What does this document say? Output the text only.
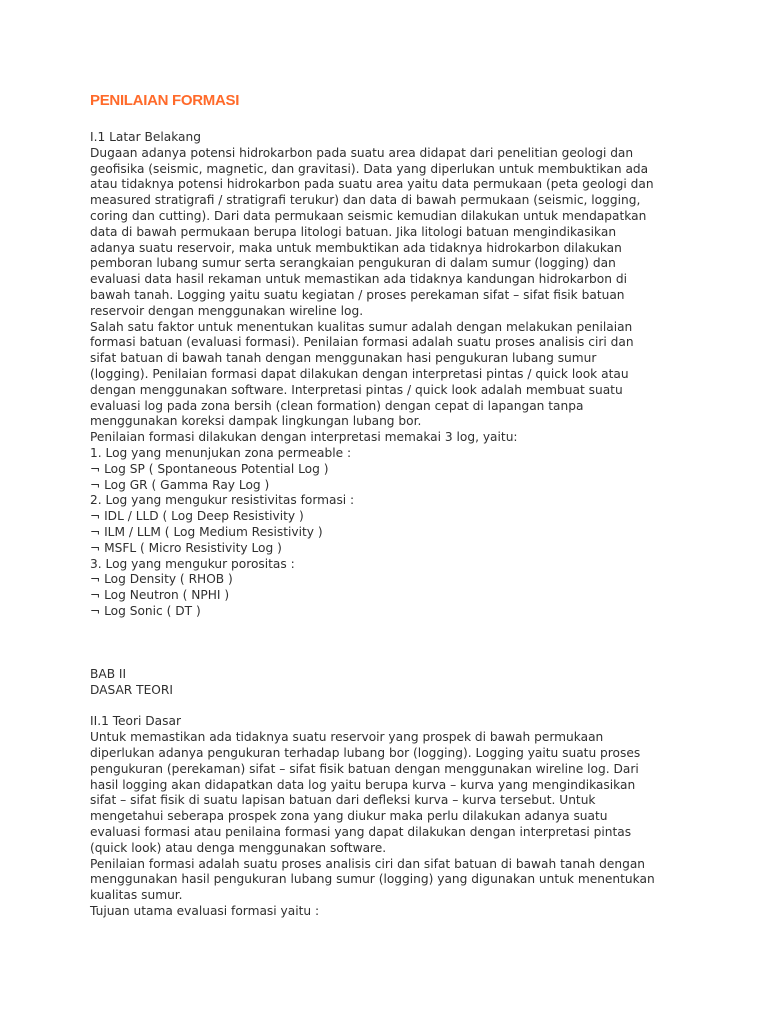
PENILAIAN FORMASI
I.1 Latar Belakang
Dugaan adanya potensi hidrokarbon pada suatu area didapat dari penelitian geologi dan
geofisika (seismic, magnetic, dan gravitasi). Data yang diperlukan untuk membuktikan ada
atau tidaknya potensi hidrokarbon pada suatu area yaitu data permukaan (peta geologi dan
measured stratigrafi / stratigrafi terukur) dan data di bawah permukaan (seismic, logging,
coring dan cutting). Dari data permukaan seismic kemudian dilakukan untuk mendapatkan
data di bawah permukaan berupa litologi batuan. Jika litologi batuan mengindikasikan
adanya suatu reservoir, maka untuk membuktikan ada tidaknya hidrokarbon dilakukan
pemboran lubang sumur serta serangkaian pengukuran di dalam sumur (logging) dan
evaluasi data hasil rekaman untuk memastikan ada tidaknya kandungan hidrokarbon di
bawah tanah. Logging yaitu suatu kegiatan / proses perekaman sifat – sifat fisik batuan
reservoir dengan menggunakan wireline log.
Salah satu faktor untuk menentukan kualitas sumur adalah dengan melakukan penilaian
formasi batuan (evaluasi formasi). Penilaian formasi adalah suatu proses analisis ciri dan
sifat batuan di bawah tanah dengan menggunakan hasi pengukuran lubang sumur
(logging). Penilaian formasi dapat dilakukan dengan interpretasi pintas / quick look atau
dengan menggunakan software. Interpretasi pintas / quick look adalah membuat suatu
evaluasi log pada zona bersih (clean formation) dengan cepat di lapangan tanpa
menggunakan koreksi dampak lingkungan lubang bor.
Penilaian formasi dilakukan dengan interpretasi memakai 3 log, yaitu:
1. Log yang menunjukan zona permeable :
¬ Log SP ( Spontaneous Potential Log )
¬ Log GR ( Gamma Ray Log )
2. Log yang mengukur resistivitas formasi :
¬ IDL / LLD ( Log Deep Resistivity )
¬ ILM / LLM ( Log Medium Resistivity )
¬ MSFL ( Micro Resistivity Log )
3. Log yang mengukur porositas :
¬ Log Density ( RHOB )
¬ Log Neutron ( NPHI )
¬ Log Sonic ( DT )
BAB II
DASAR TEORI
II.1 Teori Dasar
Untuk memastikan ada tidaknya suatu reservoir yang prospek di bawah permukaan
diperlukan adanya pengukuran terhadap lubang bor (logging). Logging yaitu suatu proses
pengukuran (perekaman) sifat – sifat fisik batuan dengan menggunakan wireline log. Dari
hasil logging akan didapatkan data log yaitu berupa kurva – kurva yang mengindikasikan
sifat – sifat fisik di suatu lapisan batuan dari defleksi kurva – kurva tersebut. Untuk
mengetahui seberapa prospek zona yang diukur maka perlu dilakukan adanya suatu
evaluasi formasi atau penilaina formasi yang dapat dilakukan dengan interpretasi pintas
(quick look) atau denga menggunakan software.
Penilaian formasi adalah suatu proses analisis ciri dan sifat batuan di bawah tanah dengan
menggunakan hasil pengukuran lubang sumur (logging) yang digunakan untuk menentukan
kualitas sumur.
Tujuan utama evaluasi formasi yaitu :
